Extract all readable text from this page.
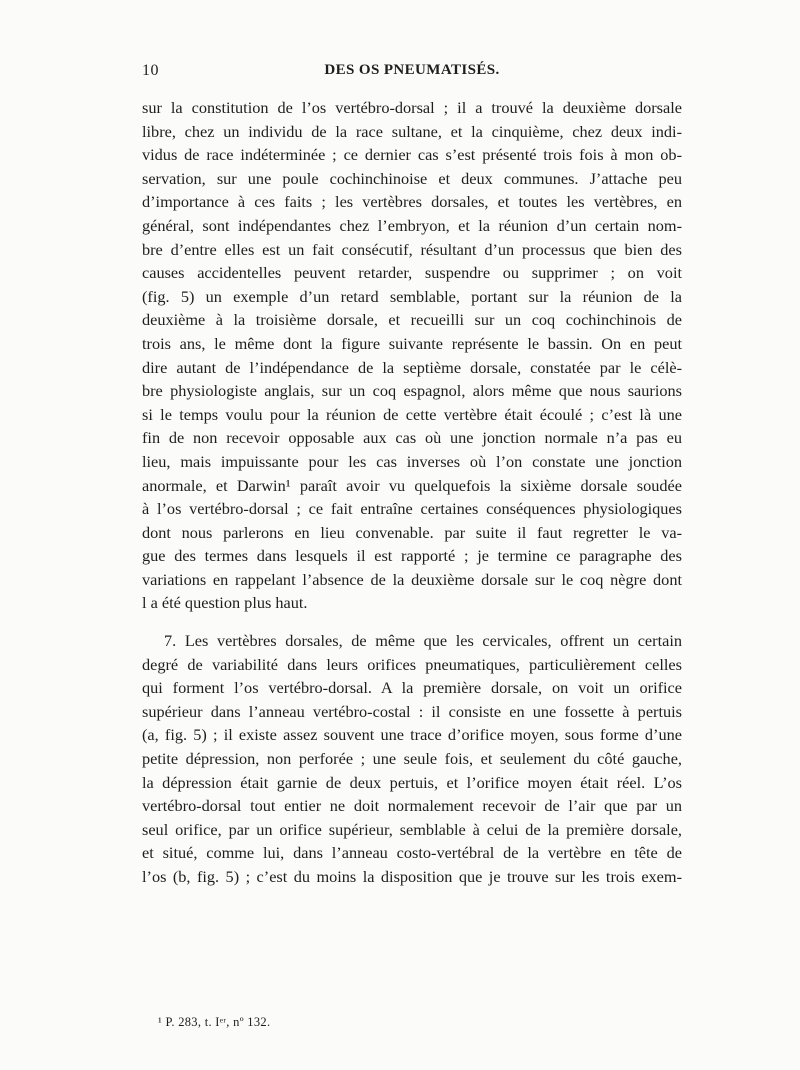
10	DES OS PNEUMATISÉS.
sur la constitution de l’os vertébro-dorsal ; il a trouvé la deuxième dorsale
libre, chez un individu de la race sultane, et la cinquième, chez deux indi-
vidus de race indéterminée ; ce dernier cas s’est présenté trois fois à mon ob-
servation, sur une poule cochinchinoise et deux communes. J’attache peu
d’importance à ces faits ; les vertèbres dorsales, et toutes les vertèbres, en
général, sont indépendantes chez l’embryon, et la réunion d’un certain nom-
bre d’entre elles est un fait consécutif, résultant d’un processus que bien des
causes accidentelles peuvent retarder, suspendre ou supprimer ; on voit
(fig. 5) un exemple d’un retard semblable, portant sur la réunion de la
deuxième à la troisième dorsale, et recueilli sur un coq cochinchinois de
trois ans, le même dont la figure suivante représente le bassin. On en peut
dire autant de l’indépendance de la septième dorsale, constatée par le célè-
bre physiologiste anglais, sur un coq espagnol, alors même que nous saurions
si le temps voulu pour la réunion de cette vertèbre était écoulé ; c’est là une
fin de non recevoir opposable aux cas où une jonction normale n’a pas eu
lieu, mais impuissante pour les cas inverses où l’on constate une jonction
anormale, et Darwin¹ paraît avoir vu quelquefois la sixième dorsale soudée
à l’os vertébro-dorsal ; ce fait entraîne certaines conséquences physiologiques
dont nous parlerons en lieu convenable. par suite il faut regretter le va-
gue des termes dans lesquels il est rapporté ; je termine ce paragraphe des
variations en rappelant l’absence de la deuxième dorsale sur le coq nègre dont
l a été question plus haut.
7. Les vertèbres dorsales, de même que les cervicales, offrent un certain
degré de variabilité dans leurs orifices pneumatiques, particulièrement celles
qui forment l’os vertébro-dorsal. A la première dorsale, on voit un orifice
supérieur dans l’anneau vertébro-costal : il consiste en une fossette à pertuis
(a, fig. 5) ; il existe assez souvent une trace d’orifice moyen, sous forme d’une
petite dépression, non perforée ; une seule fois, et seulement du côté gauche,
la dépression était garnie de deux pertuis, et l’orifice moyen était réel. L’os
vertébro-dorsal tout entier ne doit normalement recevoir de l’air que par un
seul orifice, par un orifice supérieur, semblable à celui de la première dorsale,
et situé, comme lui, dans l’anneau costo-vertébral de la vertèbre en tête de
l’os (b, fig. 5) ; c’est du moins la disposition que je trouve sur les trois exem-
¹ P. 283, t. Iᵉʳ, nº 132.
